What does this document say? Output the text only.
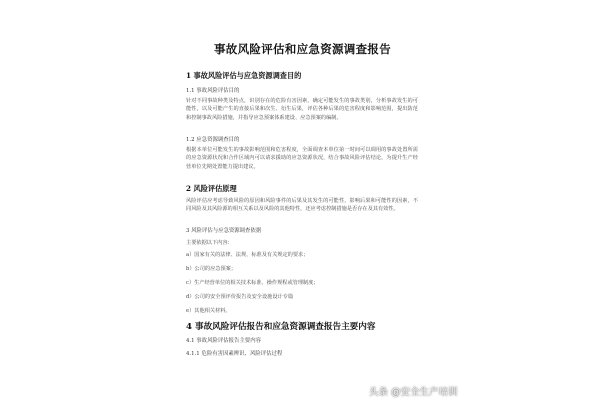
事故风险评估和应急资源调查报告
1 事故风险评估与应急资源调查目的
1.1 事故风险评估目的
针对不同事故种类及特点，识别存在的危险有害因素，确定可能发生的事故类别，分析事故发生的可能性，以及可能产生的直接后果和次生、衍生后果，评估各种后果的危害程度和影响范围，提出防范和控制事故风险措施，并指导应急预案体系建设、应急预案的编制。
1.2 应急资源调查目的
根据本单位可能发生的事故影响范围和危害程度，全面调查本单位第一时间可以调用的事故处置所需的应急资源状况和合作区域内可以请求援助的应急资源状况，结合事故风险评估结论，为提升生产经营单位先期处置能力提出建议。
2 风险评估原理
风险评估应考虑导致风险的原因和风险事件的后果及其发生的可能性，影响后果和可能性的因素，不同风险及其风险源的相互关系以及风险的其他特性，还应考虑控制措施是否存在及其有效性。
3 风险评估与应急资源调查依据
主要依据以下内容：
a）国家有关的法律、法规、标准及有关规定的要求；
b）公司的应急预案；
c）生产经营单位的相关技术标准、操作规程或管理制度；
d）公司的安全预评价报告及安全设施设计专篇
e）其他相关材料。
4 事故风险评估报告和应急资源调查报告主要内容
4.1 事故风险评估报告主要内容
4.1.1 危险有害因素辨识、风险评估过程
头条 @安全生产培训
